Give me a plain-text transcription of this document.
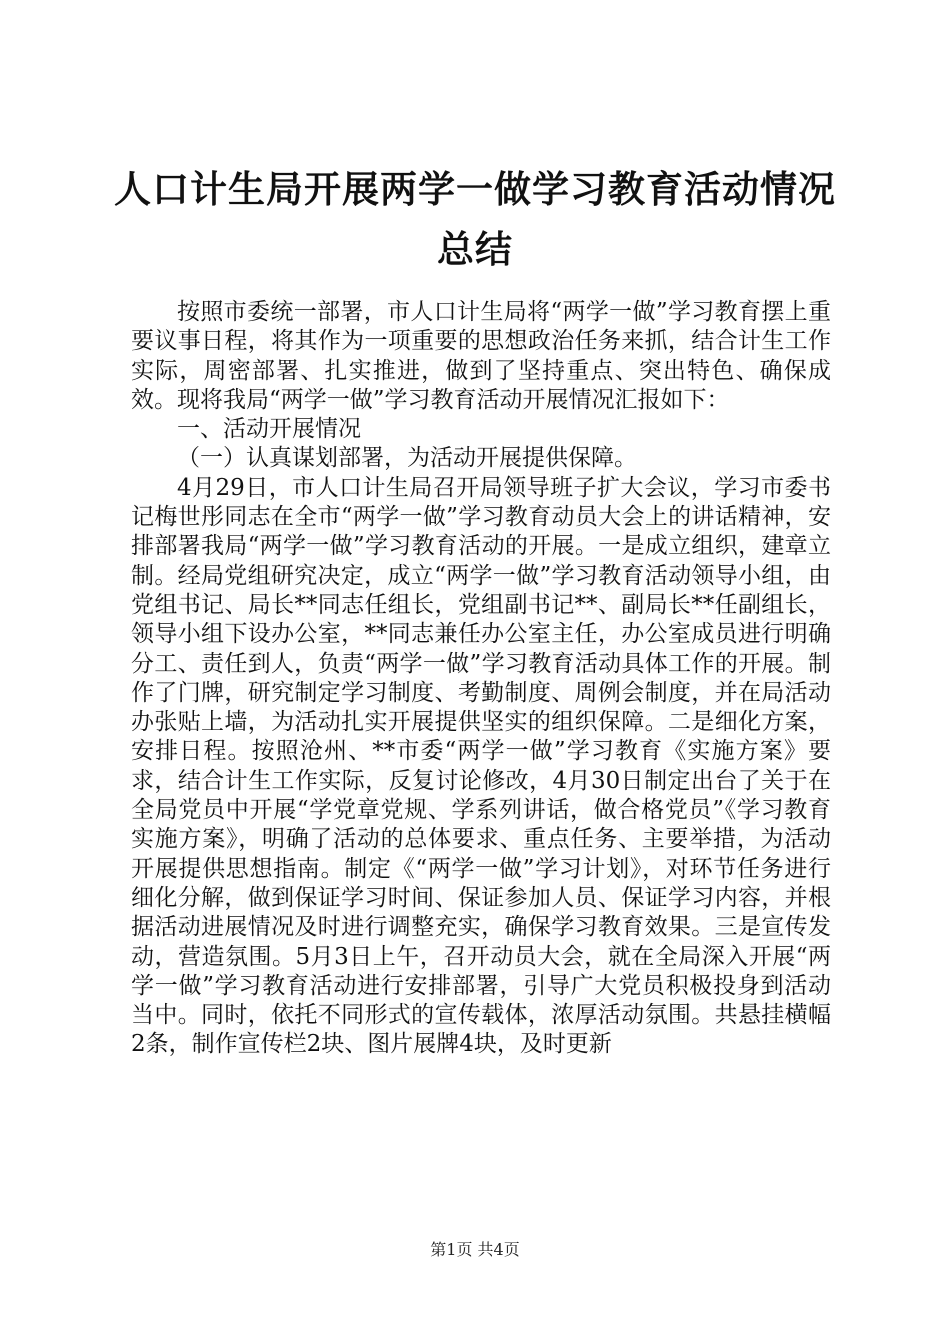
人口计生局开展两学一做学习教育活动情况总结

按照市委统一部署，市人口计生局将“两学一做”学习教育摆上重要议事日程，将其作为一项重要的思想政治任务来抓，结合计生工作实际，周密部署、扎实推进，做到了坚持重点、突出特色、确保成效。现将我局“两学一做”学习教育活动开展情况汇报如下：

一、活动开展情况

（一）认真谋划部署，为活动开展提供保障。

4月29日，市人口计生局召开局领导班子扩大会议，学习市委书记梅世彤同志在全市“两学一做”学习教育动员大会上的讲话精神，安排部署我局“两学一做”学习教育活动的开展。一是成立组织，建章立制。经局党组研究决定，成立“两学一做”学习教育活动领导小组，由党组书记、局长**同志任组长，党组副书记**、副局长**任副组长，领导小组下设办公室，**同志兼任办公室主任，办公室成员进行明确分工、责任到人，负责“两学一做”学习教育活动具体工作的开展。制作了门牌，研究制定学习制度、考勤制度、周例会制度，并在局活动办张贴上墙，为活动扎实开展提供坚实的组织保障。二是细化方案，安排日程。按照沧州、**市委“两学一做”学习教育《实施方案》要求，结合计生工作实际，反复讨论修改，4月30日制定出台了关于在全局党员中开展“学党章党规、学系列讲话，做合格党员”《学习教育实施方案》，明确了活动的总体要求、重点任务、主要举措，为活动开展提供思想指南。制定《“两学一做”学习计划》，对环节任务进行细化分解，做到保证学习时间、保证参加人员、保证学习内容，并根据活动进展情况及时进行调整充实，确保学习教育效果。三是宣传发动，营造氛围。5月3日上午，召开动员大会，就在全局深入开展“两学一做”学习教育活动进行安排部署，引导广大党员积极投身到活动当中。同时，依托不同形式的宣传载体，浓厚活动氛围。共悬挂横幅2条，制作宣传栏2块、图片展牌4块，及时更新

第1页 共4页
